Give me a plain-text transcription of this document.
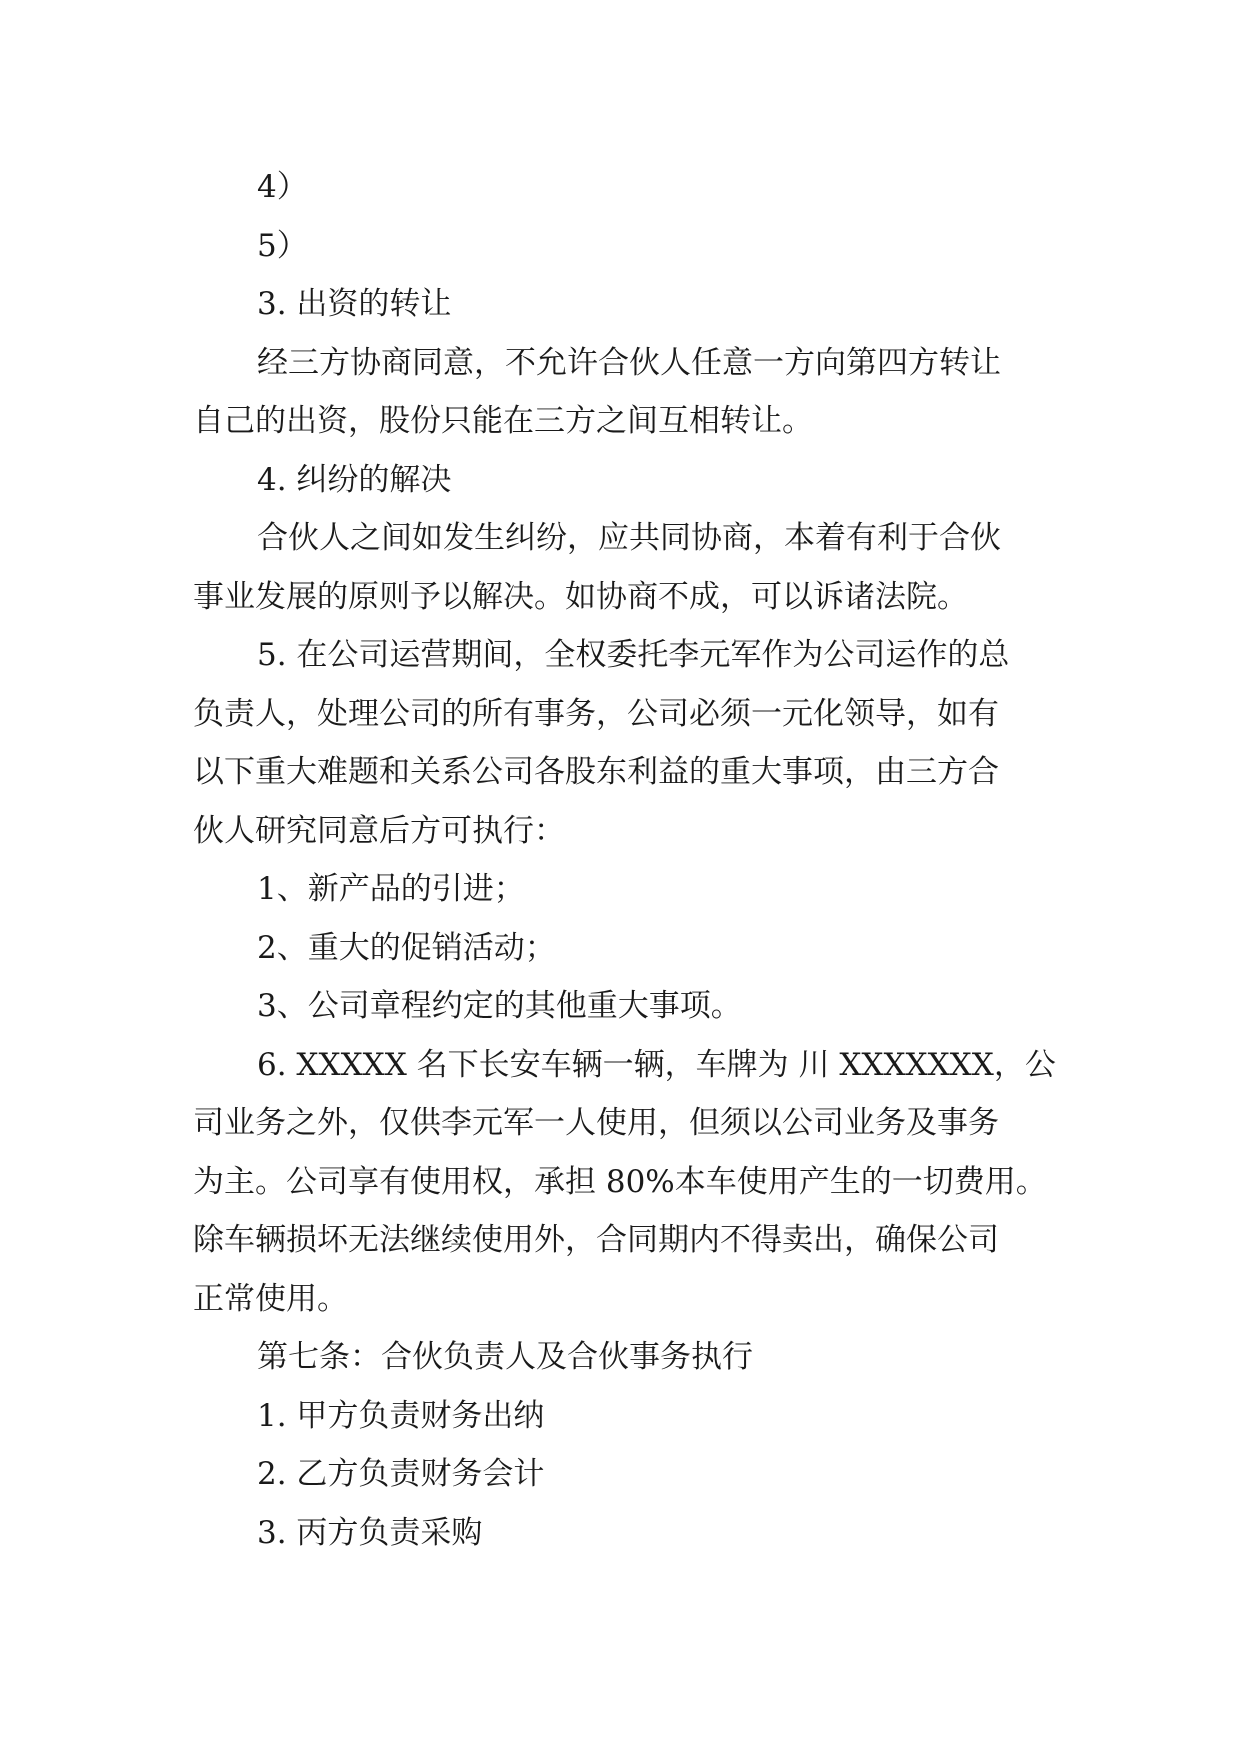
4）
5）
3. 出资的转让
经三方协商同意，不允许合伙人任意一方向第四方转让
自己的出资，股份只能在三方之间互相转让。
4. 纠纷的解决
合伙人之间如发生纠纷，应共同协商，本着有利于合伙
事业发展的原则予以解决。如协商不成，可以诉诸法院。
5. 在公司运营期间，全权委托李元军作为公司运作的总
负责人，处理公司的所有事务，公司必须一元化领导，如有
以下重大难题和关系公司各股东利益的重大事项，由三方合
伙人研究同意后方可执行：
1、新产品的引进；
2、重大的促销活动；
3、公司章程约定的其他重大事项。
6. XXXXX 名下长安车辆一辆，车牌为 川 XXXXXXX，公
司业务之外，仅供李元军一人使用，但须以公司业务及事务
为主。公司享有使用权，承担 80%本车使用产生的一切费用。
除车辆损坏无法继续使用外，合同期内不得卖出，确保公司
正常使用。
第七条：合伙负责人及合伙事务执行
1. 甲方负责财务出纳
2. 乙方负责财务会计
3. 丙方负责采购
